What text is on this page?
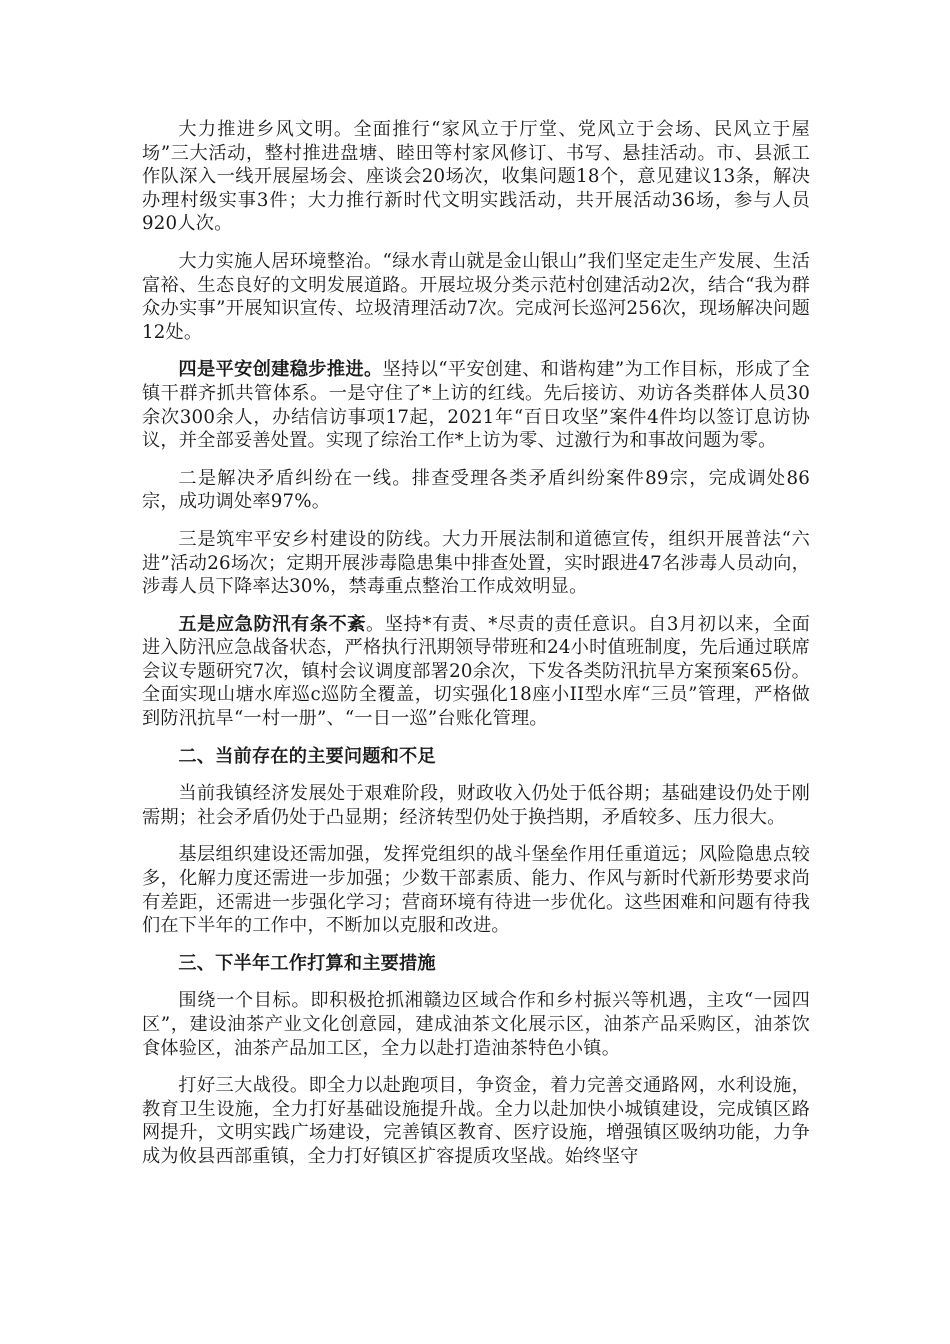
大力推进乡风文明。全面推行“家风立于厅堂、党风立于会场、民风立于屋场”三大活动，整村推进盘塘、睦田等村家风修订、书写、悬挂活动。市、县派工作队深入一线开展屋场会、座谈会20场次，收集问题18个，意见建议13条，解决办理村级实事3件；大力推行新时代文明实践活动，共开展活动36场，参与人员920人次。

大力实施人居环境整治。“绿水青山就是金山银山”我们坚定走生产发展、生活富裕、生态良好的文明发展道路。开展垃圾分类示范村创建活动2次，结合“我为群众办实事”开展知识宣传、垃圾清理活动7次。完成河长巡河256次，现场解决问题12处。

四是平安创建稳步推进。坚持以“平安创建、和谐构建”为工作目标，形成了全镇干群齐抓共管体系。一是守住了*上访的红线。先后接访、劝访各类群体人员30余次300余人，办结信访事项17起，2021年“百日攻坚”案件4件均以签订息访协议，并全部妥善处置。实现了综治工作*上访为零、过激行为和事故问题为零。

二是解决矛盾纠纷在一线。排查受理各类矛盾纠纷案件89宗，完成调处86宗，成功调处率97%。

三是筑牢平安乡村建设的防线。大力开展法制和道德宣传，组织开展普法“六进”活动26场次；定期开展涉毒隐患集中排查处置，实时跟进47名涉毒人员动向，涉毒人员下降率达30%，禁毒重点整治工作成效明显。

五是应急防汛有条不紊。坚持*有责、*尽责的责任意识。自3月初以来，全面进入防汛应急战备状态，严格执行汛期领导带班和24小时值班制度，先后通过联席会议专题研究7次，镇村会议调度部署20余次，下发各类防汛抗旱方案预案65份。全面实现山塘水库巡c巡防全覆盖，切实强化18座小II型水库“三员”管理，严格做到防汛抗旱“一村一册”、“一日一巡”台账化管理。

二、当前存在的主要问题和不足

当前我镇经济发展处于艰难阶段，财政收入仍处于低谷期；基础建设仍处于刚需期；社会矛盾仍处于凸显期；经济转型仍处于换挡期，矛盾较多、压力很大。

基层组织建设还需加强，发挥党组织的战斗堡垒作用任重道远；风险隐患点较多，化解力度还需进一步加强；少数干部素质、能力、作风与新时代新形势要求尚有差距，还需进一步强化学习；营商环境有待进一步优化。这些困难和问题有待我们在下半年的工作中，不断加以克服和改进。

三、下半年工作打算和主要措施

围绕一个目标。即积极抢抓湘赣边区域合作和乡村振兴等机遇，主攻“一园四区”，建设油茶产业文化创意园，建成油茶文化展示区，油茶产品采购区，油茶饮食体验区，油茶产品加工区，全力以赴打造油茶特色小镇。

打好三大战役。即全力以赴跑项目，争资金，着力完善交通路网，水利设施，教育卫生设施，全力打好基础设施提升战。全力以赴加快小城镇建设，完成镇区路网提升，文明实践广场建设，完善镇区教育、医疗设施，增强镇区吸纳功能，力争成为攸县西部重镇，全力打好镇区扩容提质攻坚战。始终坚守
